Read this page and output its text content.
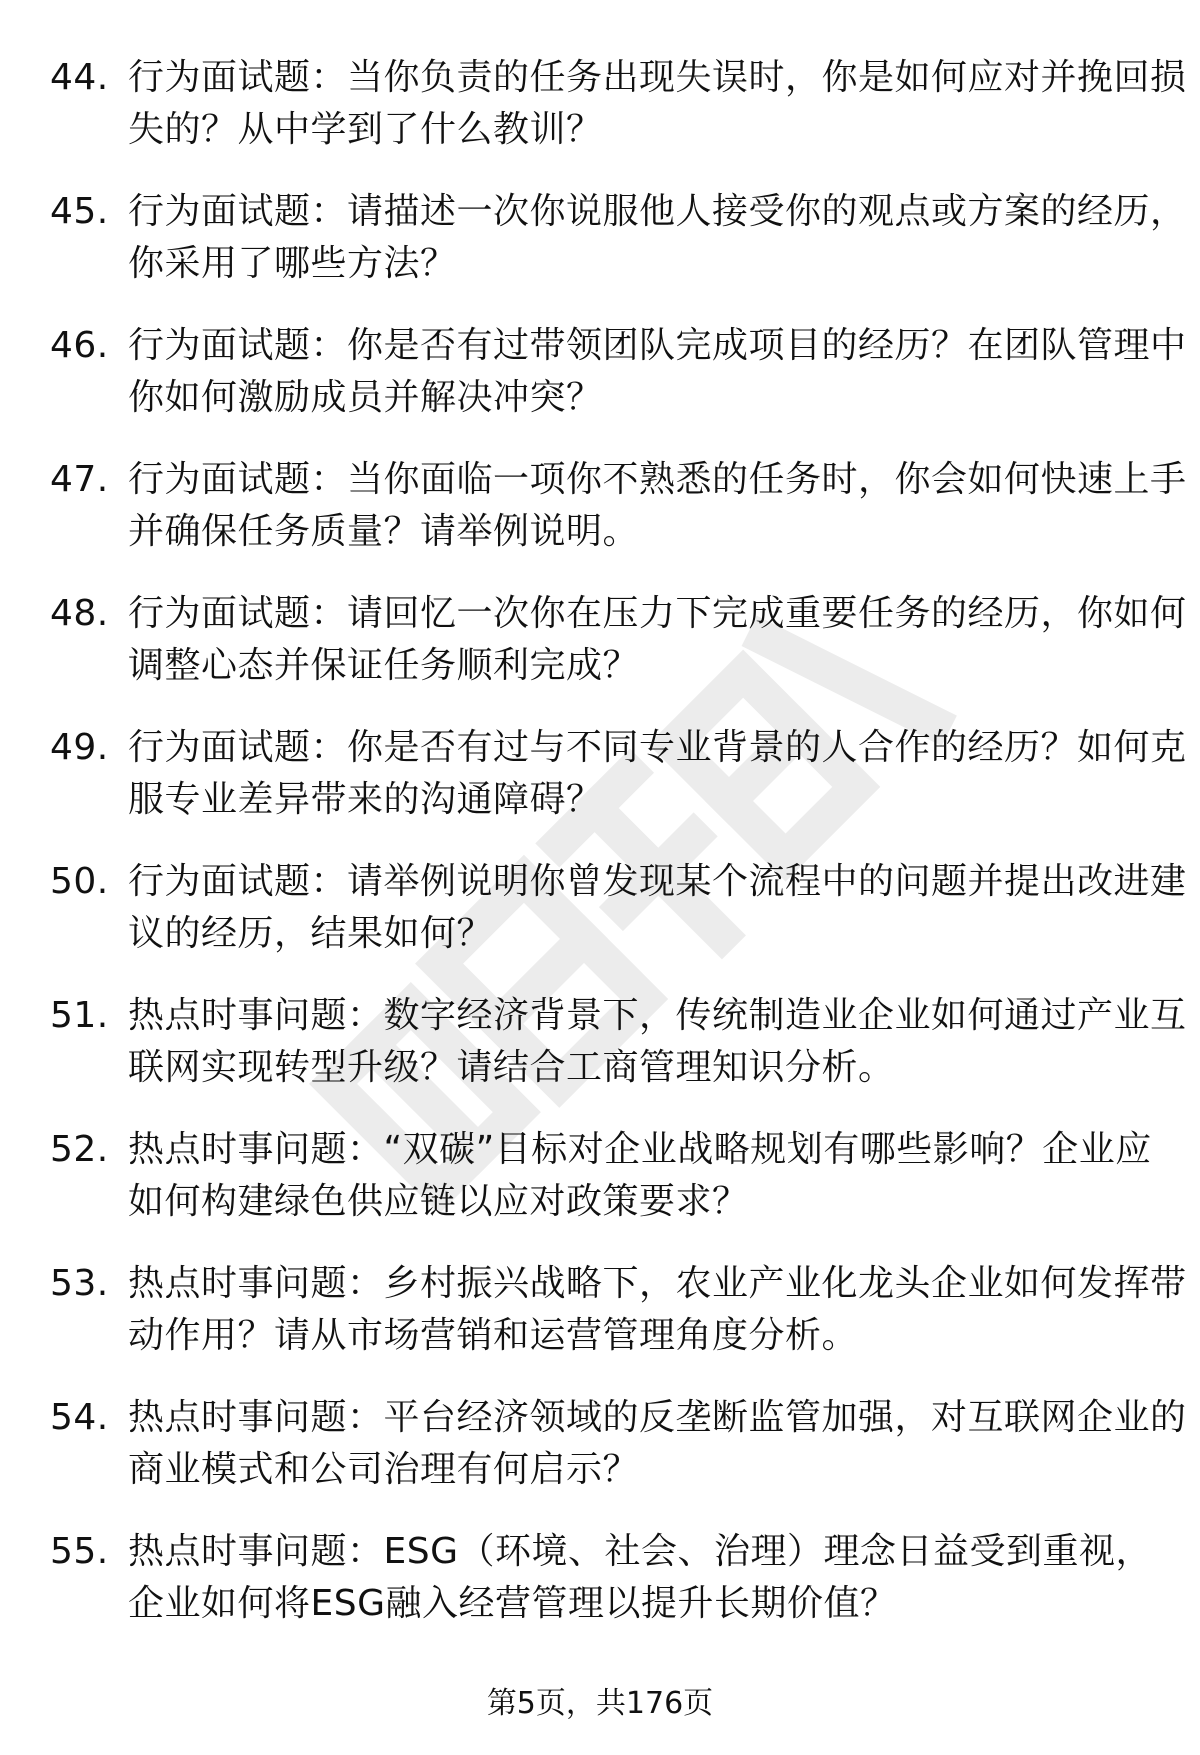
44. 行为面试题：当你负责的任务出现失误时，你是如何应对并挽回损失的？从中学到了什么教训？
45. 行为面试题：请描述一次你说服他人接受你的观点或方案的经历，你采用了哪些方法？
46. 行为面试题：你是否有过带领团队完成项目的经历？在团队管理中你如何激励成员并解决冲突？
47. 行为面试题：当你面临一项你不熟悉的任务时，你会如何快速上手并确保任务质量？请举例说明。
48. 行为面试题：请回忆一次你在压力下完成重要任务的经历，你如何调整心态并保证任务顺利完成？
49. 行为面试题：你是否有过与不同专业背景的人合作的经历？如何克服专业差异带来的沟通障碍？
50. 行为面试题：请举例说明你曾发现某个流程中的问题并提出改进建议的经历，结果如何？
51. 热点时事问题：数字经济背景下，传统制造业企业如何通过产业互联网实现转型升级？请结合工商管理知识分析。
52. 热点时事问题：“双碳”目标对企业战略规划有哪些影响？企业应如何构建绿色供应链以应对政策要求？
53. 热点时事问题：乡村振兴战略下，农业产业化龙头企业如何发挥带动作用？请从市场营销和运营管理角度分析。
54. 热点时事问题：平台经济领域的反垄断监管加强，对互联网企业的商业模式和公司治理有何启示？
55. 热点时事问题：ESG（环境、社会、治理）理念日益受到重视，企业如何将ESG融入经营管理以提升长期价值？
第5页，共176页
